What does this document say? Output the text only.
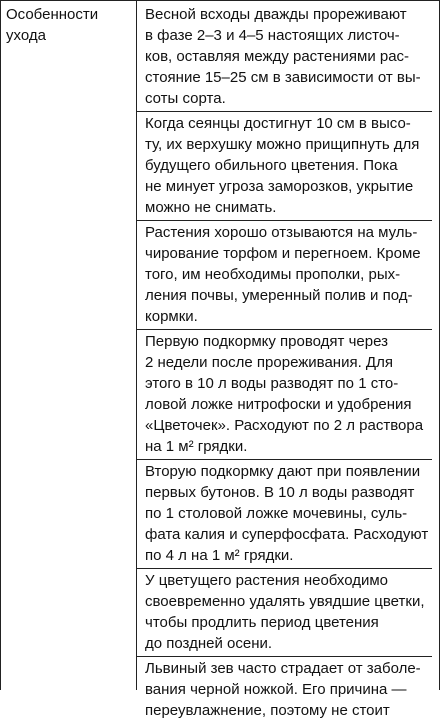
Особенности
ухода
Весной всходы дважды прореживают
в фазе 2–3 и 4–5 настоящих листоч-
ков, оставляя между растениями рас-
стояние 15–25 см в зависимости от вы-
соты сорта.
Когда сеянцы достигнут 10 см в высо-
ту, их верхушку можно прищипнуть для
будущего обильного цветения. Пока
не минует угроза заморозков, укрытие
можно не снимать.
Растения хорошо отзываются на муль-
чирование торфом и перегноем. Кроме
того, им необходимы прополки, рых-
ления почвы, умеренный полив и под-
кормки.
Первую подкормку проводят через
2 недели после прореживания. Для
этого в 10 л воды разводят по 1 сто-
ловой ложке нитрофоски и удобрения
«Цветочек». Расходуют по 2 л раствора
на 1 м² грядки.
Вторую подкормку дают при появлении
первых бутонов. В 10 л воды разводят
по 1 столовой ложке мочевины, суль-
фата калия и суперфосфата. Расходуют
по 4 л на 1 м² грядки.
У цветущего растения необходимо
своевременно удалять увядшие цветки,
чтобы продлить период цветения
до поздней осени.
Львиный зев часто страдает от заболе-
вания черной ножкой. Его причина —
переувлажнение, поэтому не стоит
